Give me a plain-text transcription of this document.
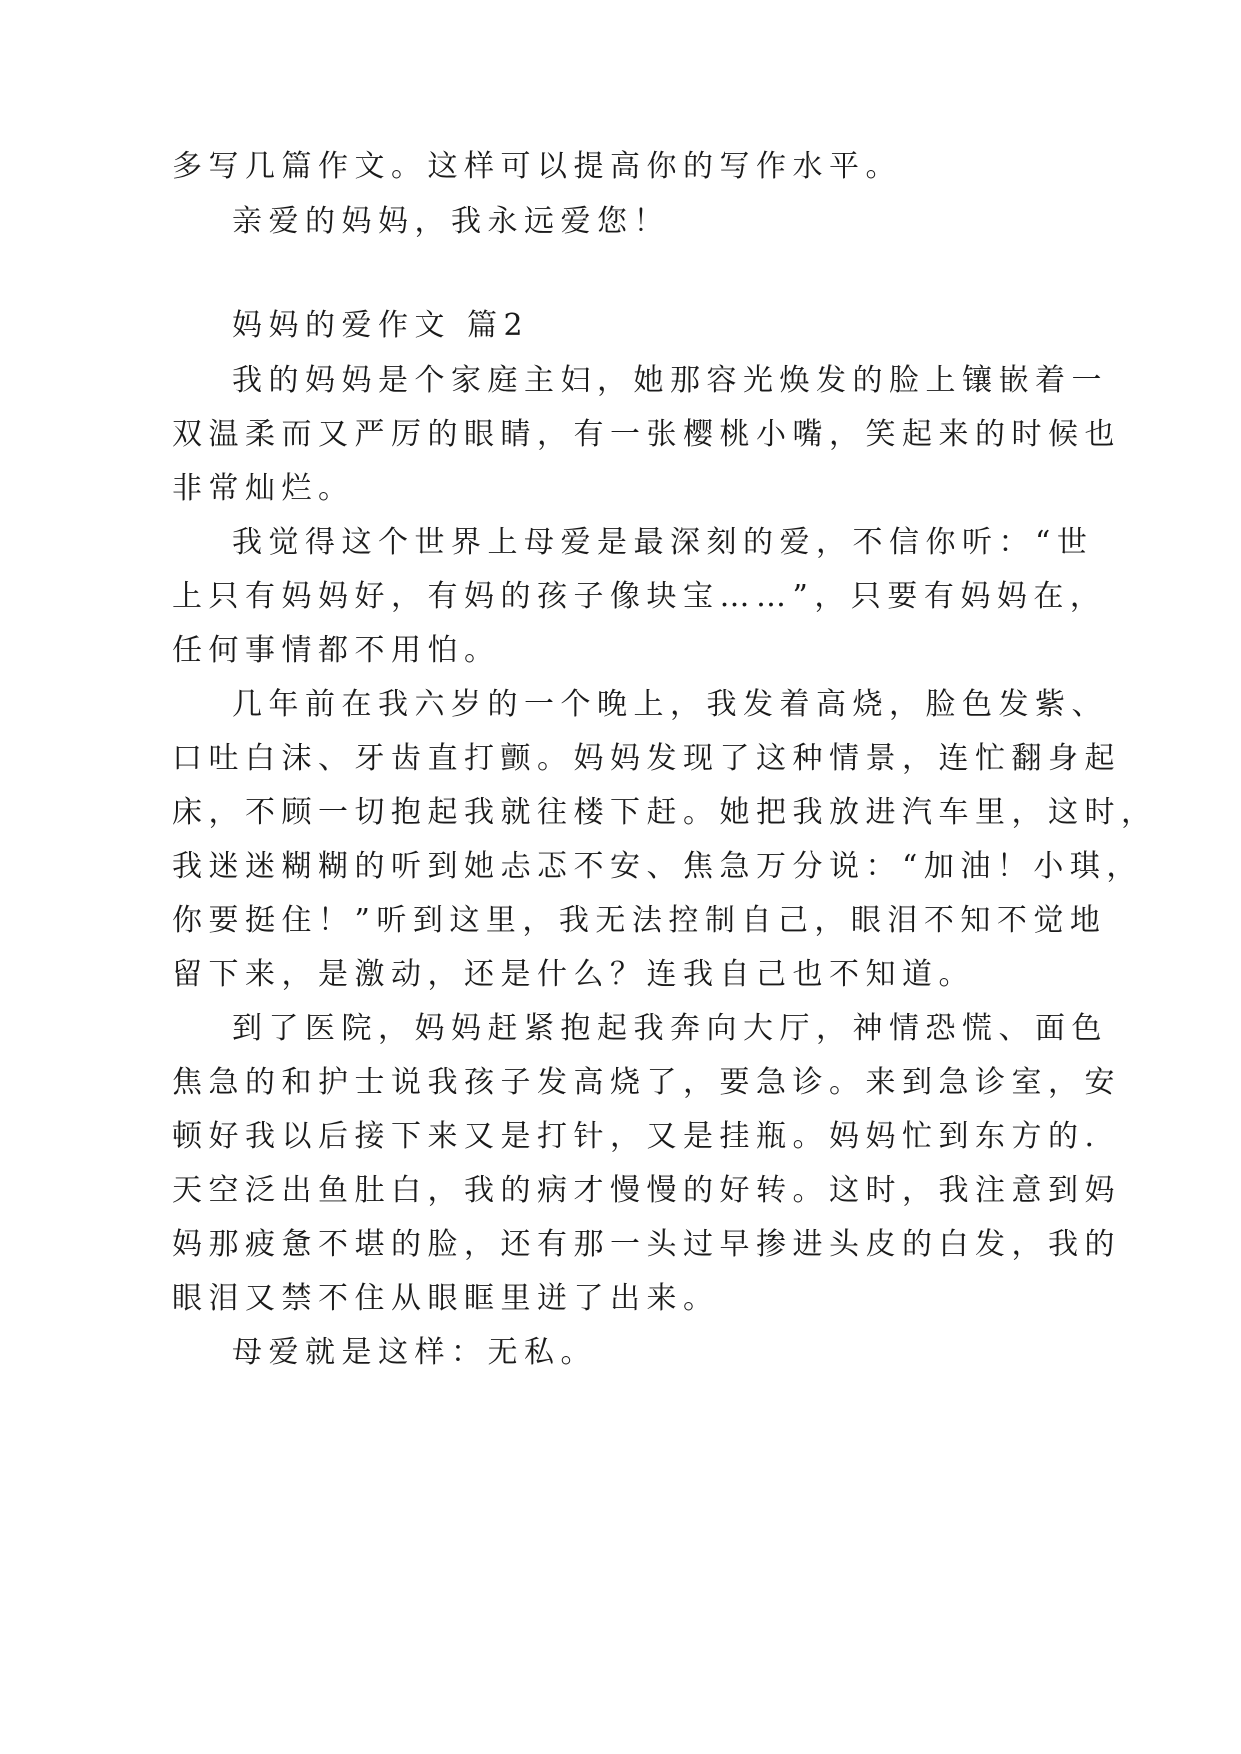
多写几篇作文。这样可以提高你的写作水平。
亲爱的妈妈，我永远爱您！
妈妈的爱作文 篇2
我的妈妈是个家庭主妇，她那容光焕发的脸上镶嵌着一
双温柔而又严厉的眼睛，有一张樱桃小嘴，笑起来的时候也
非常灿烂。
我觉得这个世界上母爱是最深刻的爱，不信你听：“世
上只有妈妈好，有妈的孩子像块宝……”，只要有妈妈在，
任何事情都不用怕。
几年前在我六岁的一个晚上，我发着高烧，脸色发紫、
口吐白沫、牙齿直打颤。妈妈发现了这种情景，连忙翻身起
床，不顾一切抱起我就往楼下赶。她把我放进汽车里，这时，
我迷迷糊糊的听到她忐忑不安、焦急万分说：“加油！小琪，
你要挺住！”听到这里，我无法控制自己，眼泪不知不觉地
留下来，是激动，还是什么？连我自己也不知道。
到了医院，妈妈赶紧抱起我奔向大厅，神情恐慌、面色
焦急的和护士说我孩子发高烧了，要急诊。来到急诊室，安
顿好我以后接下来又是打针，又是挂瓶。妈妈忙到东方的.
天空泛出鱼肚白，我的病才慢慢的好转。这时，我注意到妈
妈那疲惫不堪的脸，还有那一头过早掺进头皮的白发，我的
眼泪又禁不住从眼眶里迸了出来。
母爱就是这样：无私。
